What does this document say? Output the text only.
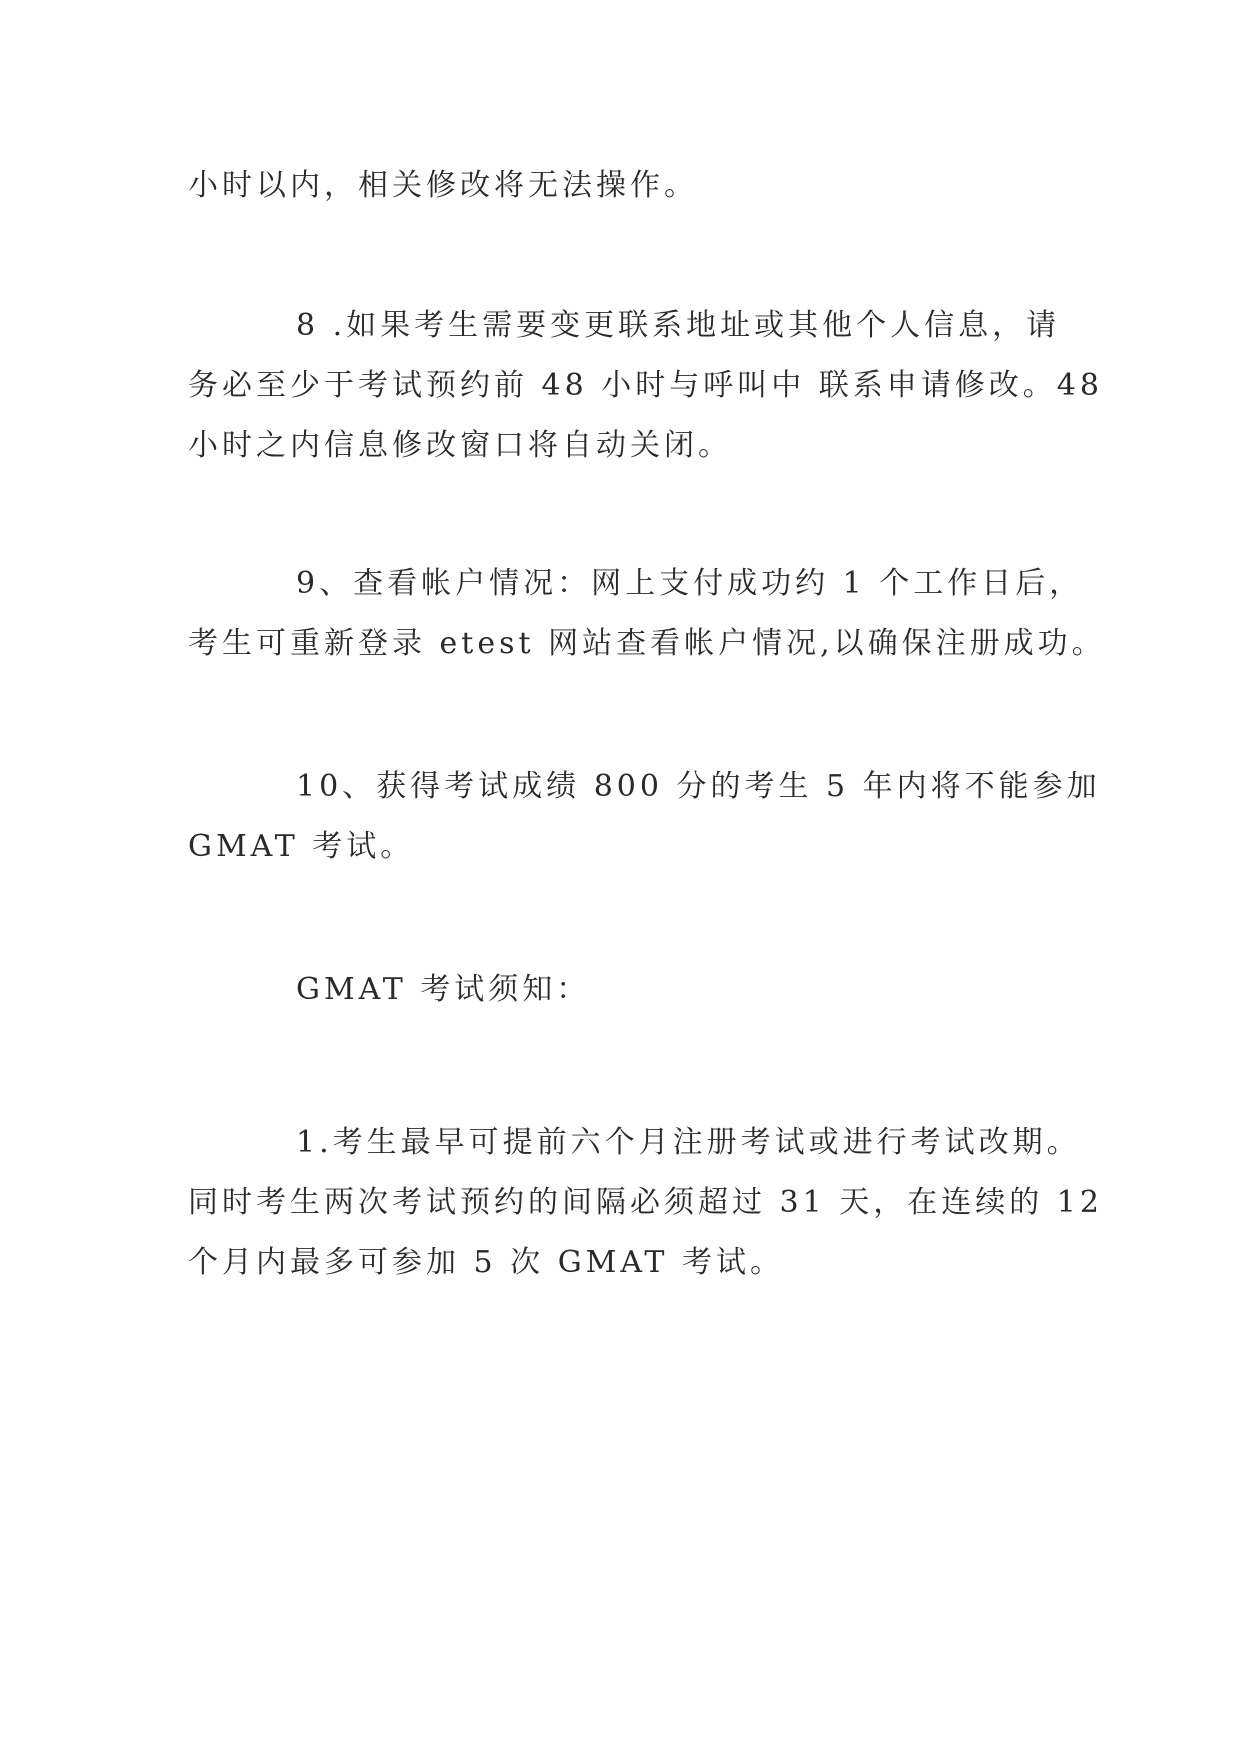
小时以内，相关修改将无法操作。

8 .如果考生需要变更联系地址或其他个人信息，请
务必至少于考试预约前 48 小时与呼叫中 联系申请修改。48
小时之内信息修改窗口将自动关闭。

9、查看帐户情况：网上支付成功约 1 个工作日后，
考生可重新登录 etest 网站查看帐户情况,以确保注册成功。

10、获得考试成绩 800 分的考生 5 年内将不能参加
GMAT 考试。

GMAT 考试须知：

1.考生最早可提前六个月注册考试或进行考试改期。
同时考生两次考试预约的间隔必须超过 31 天，在连续的 12
个月内最多可参加 5 次 GMAT 考试。
